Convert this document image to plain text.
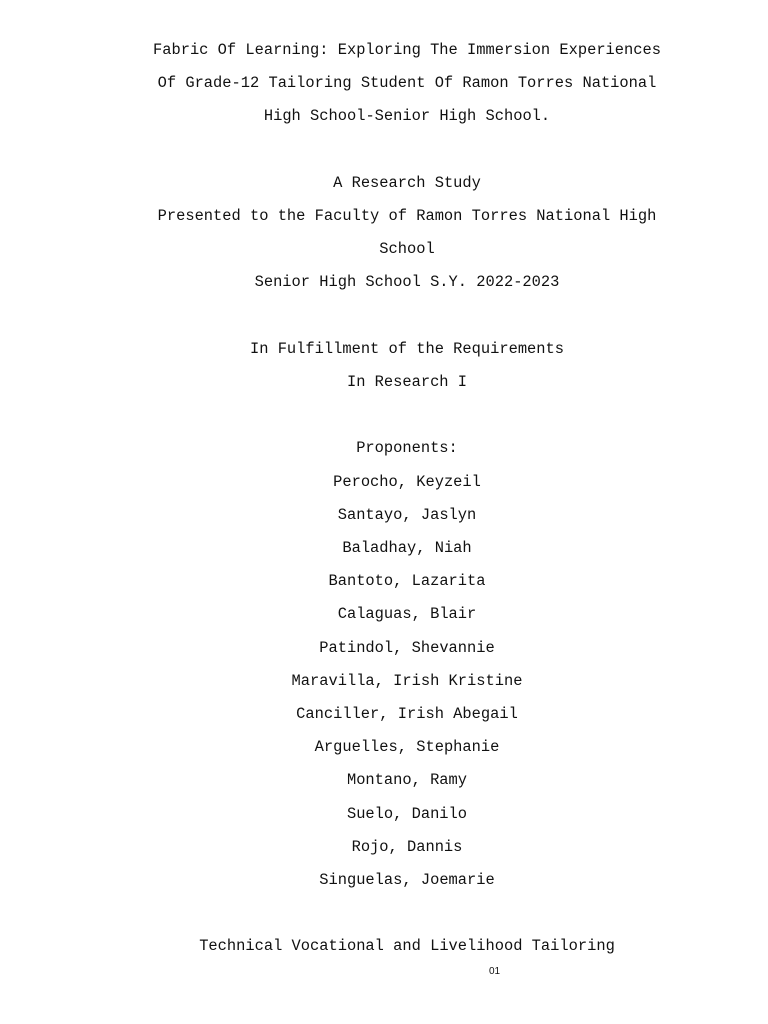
Fabric Of Learning: Exploring The Immersion Experiences
Of Grade-12 Tailoring Student Of Ramon Torres National
High School-Senior High School.
A Research Study
Presented to the Faculty of Ramon Torres National High
School
Senior High School S.Y. 2022-2023
In Fulfillment of the Requirements
In Research I
Proponents:
Perocho, Keyzeil
Santayo, Jaslyn
Baladhay, Niah
Bantoto, Lazarita
Calaguas, Blair
Patindol, Shevannie
Maravilla, Irish Kristine
Canciller, Irish Abegail
Arguelles, Stephanie
Montano, Ramy
Suelo, Danilo
Rojo, Dannis
Singuelas, Joemarie
Technical Vocational and Livelihood Tailoring
01
